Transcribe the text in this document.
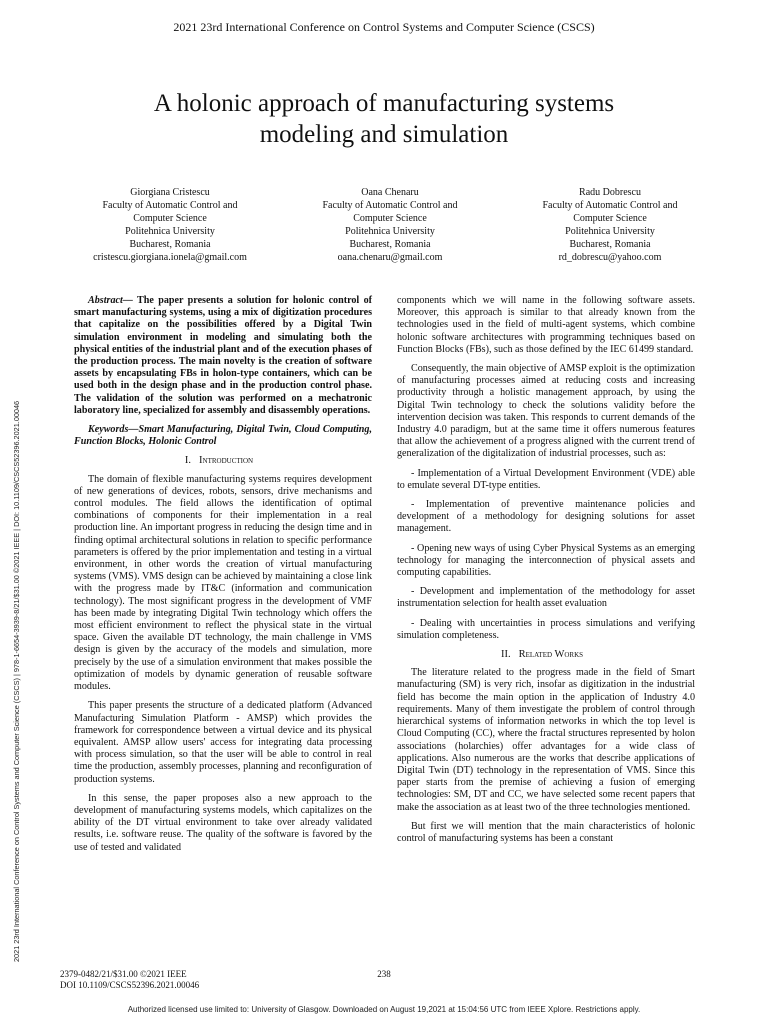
2021 23rd International Conference on Control Systems and Computer Science (CSCS)
A holonic approach of manufacturing systems
modeling and simulation
Giorgiana Cristescu
Faculty of Automatic Control and
Computer Science
Politehnica University
Bucharest, Romania
cristescu.giorgiana.ionela@gmail.com
Oana Chenaru
Faculty of Automatic Control and
Computer Science
Politehnica University
Bucharest, Romania
oana.chenaru@gmail.com
Radu Dobrescu
Faculty of Automatic Control and
Computer Science
Politehnica University
Bucharest, Romania
rd_dobrescu@yahoo.com
2021 23rd International Conference on Control Systems and Computer Science (CSCS) | 978-1-6654-3939-8/21/$31.00 ©2021 IEEE | DOI: 10.1109/CSCS52396.2021.00046

Abstract— The paper presents a solution for holonic control of smart manufacturing systems, using a mix of digitization procedures that capitalize on the possibilities offered by a Digital Twin simulation environment in modeling and simulating both the physical entities of the industrial plant and of the execution phases of the production process. The main novelty is the creation of software assets by encapsulating FBs in holon-type containers, which can be used both in the design phase and in the production control phase. The validation of the solution was performed on a mechatronic laboratory line, specialized for assembly and disassembly operations.

Keywords—Smart Manufacturing, Digital Twin, Cloud Computing, Function Blocks, Holonic Control

I. Introduction

The domain of flexible manufacturing systems requires development of new generations of devices, robots, sensors, drive mechanisms and control modules. The field allows the identification of optimal combinations of components for their implementation in a real production line. An important progress in reducing the design time and in finding optimal architectural solutions in relation to specific performance parameters is offered by the prior implementation and testing in a virtual environment, in other words the creation of virtual manufacturing systems (VMS). VMS design can be achieved by maintaining a close link with the progress made by IT&C (information and communication technology). The most significant progress in the development of VMF has been made by integrating Digital Twin technology which offers the most efficient environment to reflect the physical state in the virtual space. Given the available DT technology, the main challenge in VMS design is given by the accuracy of the models and simulation, more precisely by the use of a simulation environment that makes possible the optimization of models by dynamic generation of reusable software modules.

This paper presents the structure of a dedicated platform (Advanced Manufacturing Simulation Platform - AMSP) which provides the framework for correspondence between a virtual device and its physical equivalent. AMSP allow users' access for integrating data processing with process simulation, so that the user will be able to control in real time the production, assembly processes, planning and reconfiguration of production systems.

In this sense, the paper proposes also a new approach to the development of manufacturing systems models, which capitalizes on the ability of the DT virtual environment to take over already validated results, i.e. software reuse. The quality of the software is favored by the use of tested and validated

components which we will name in the following software assets. Moreover, this approach is similar to that already known from the technologies used in the field of multi-agent systems, which combine holonic software architectures with programming techniques based on Function Blocks (FBs), such as those defined by the IEC 61499 standard.

Consequently, the main objective of AMSP exploit is the optimization of manufacturing processes aimed at reducing costs and increasing productivity through a holistic management approach, by using the Digital Twin technology to check the solutions validity before the intervention decision was taken. This responds to current demands of the Industry 4.0 paradigm, but at the same time it offers numerous features that allow the achievement of a progress aligned with the current trend of generalization of the digitalization of industrial processes, such as:

- Implementation of a Virtual Development Environment (VDE) able to emulate several DT-type entities.

- Implementation of preventive maintenance policies and development of a methodology for designing solutions for asset management.

- Opening new ways of using Cyber Physical Systems as an emerging technology for managing the interconnection of physical assets and computing capabilities.

- Development and implementation of the methodology for asset instrumentation selection for health asset evaluation

- Dealing with uncertainties in process simulations and verifying simulation completeness.

II. Related Works

The literature related to the progress made in the field of Smart manufacturing (SM) is very rich, insofar as digitization in the industrial field has become the main option in the application of Industry 4.0 requirements. Many of them investigate the problem of control through hierarchical systems of information networks in which the top level is Cloud Computing (CC), where the fractal structures represented by holon associations (holarchies) offer advantages for a wide class of applications. Also numerous are the works that describe applications of Digital Twin (DT) technology in the representation of VMS. Since this paper starts from the premise of achieving a fusion of emerging technologies: SM, DT and CC, we have selected some recent papers that make the association as at least two of the three technologies mentioned.

But first we will mention that the main characteristics of holonic control of manufacturing systems has been a constant

2379-0482/21/$31.00 ©2021 IEEE
DOI 10.1109/CSCS52396.2021.00046
238
Authorized licensed use limited to: University of Glasgow. Downloaded on August 19,2021 at 15:04:56 UTC from IEEE Xplore. Restrictions apply.
